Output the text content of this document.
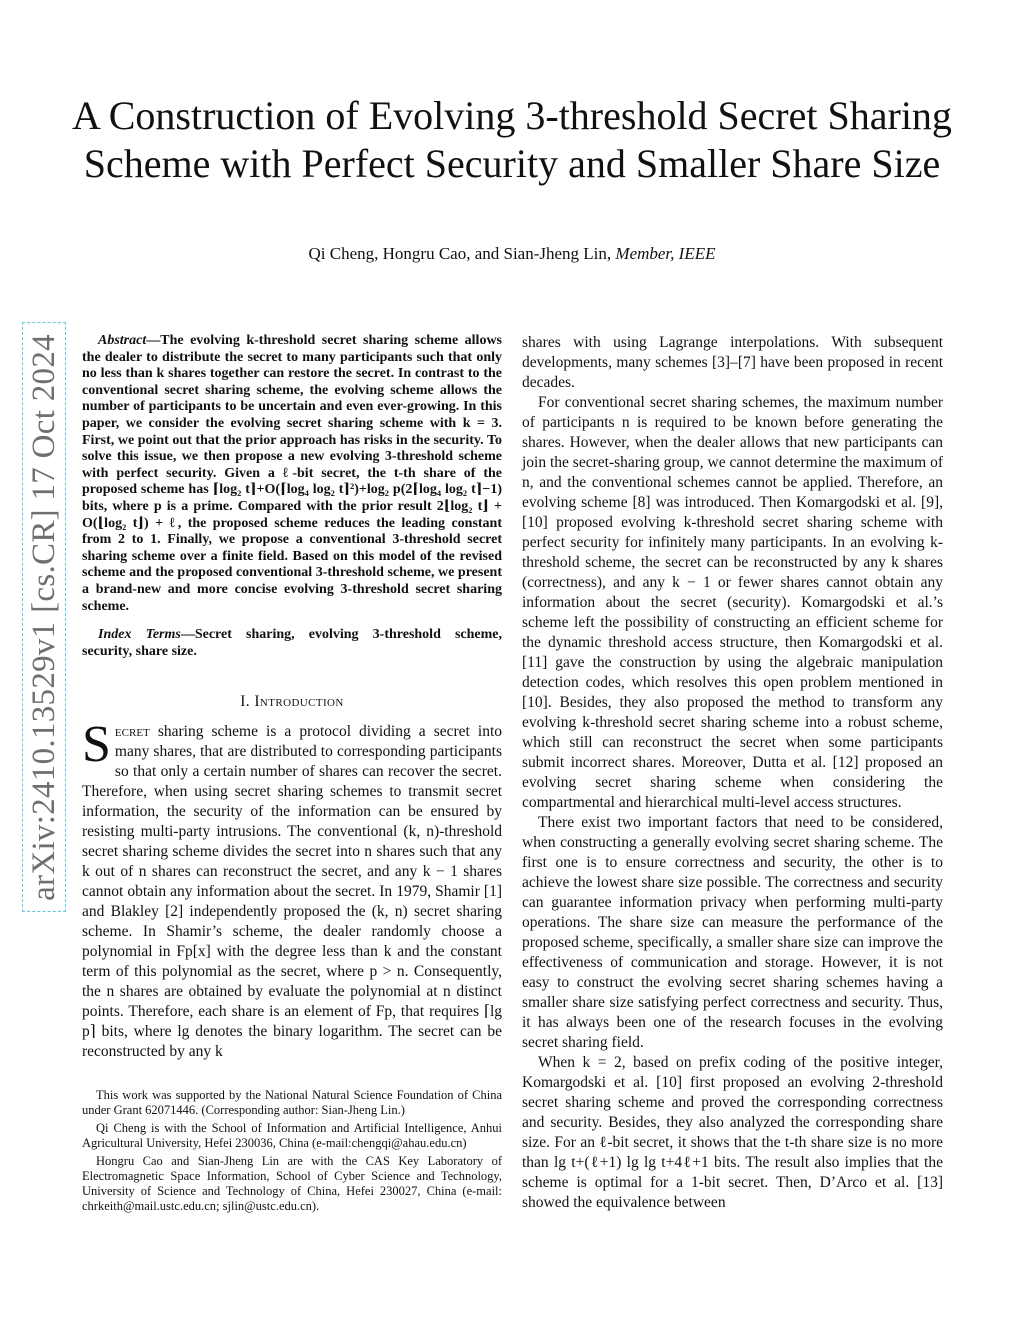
A Construction of Evolving 3-threshold Secret Sharing Scheme with Perfect Security and Smaller Share Size
Qi Cheng, Hongru Cao, and Sian-Jheng Lin, Member, IEEE
arXiv:2410.13529v1 [cs.CR] 17 Oct 2024	Abstract—The evolving k-threshold secret sharing scheme allows the dealer to distribute the secret to many participants such that only no less than k shares together can restore the secret. In contrast to the conventional secret sharing scheme, the evolving scheme allows the number of participants to be uncertain and even ever-growing. In this paper, we consider the evolving secret sharing scheme with k = 3. First, we point out that the prior approach has risks in the security. To solve this issue, we then propose a new evolving 3-threshold scheme with perfect security. Given a ℓ-bit secret, the t-th share of the proposed scheme has ⌈log₂ t⌉+O(⌈log₄ log₂ t⌉²)+log₂ p(2⌈log₄ log₂ t⌉−1) bits, where p is a prime. Compared with the prior result 2⌊log₂ t⌋ + O(⌊log₂ t⌋) + ℓ, the proposed scheme reduces the leading constant from 2 to 1. Finally, we propose a conventional 3-threshold secret sharing scheme over a finite field. Based on this model of the revised scheme and the proposed conventional 3-threshold scheme, we present a brand-new and more concise evolving 3-threshold secret sharing scheme.

Index Terms—Secret sharing, evolving 3-threshold scheme, security, share size.

I. Introduction

Secret sharing scheme is a protocol dividing a secret into many shares, that are distributed to corresponding participants so that only a certain number of shares can recover the secret. Therefore, when using secret sharing schemes to transmit secret information, the security of the information can be ensured by resisting multi-party intrusions. The conventional (k, n)-threshold secret sharing scheme divides the secret into n shares such that any k out of n shares can reconstruct the secret, and any k − 1 shares cannot obtain any information about the secret. In 1979, Shamir [1] and Blakley [2] independently proposed the (k, n) secret sharing scheme. In Shamir’s scheme, the dealer randomly choose a polynomial in Fp[x] with the degree less than k and the constant term of this polynomial as the secret, where p > n. Consequently, the n shares are obtained by evaluate the polynomial at n distinct points. Therefore, each share is an element of Fp, that requires ⌈lg p⌉ bits, where lg denotes the binary logarithm. The secret can be reconstructed by any k

This work was supported by the National Natural Science Foundation of China under Grant 62071446. (Corresponding author: Sian-Jheng Lin.)

Qi Cheng is with the School of Information and Artificial Intelligence, Anhui Agricultural University, Hefei 230036, China (e-mail:chengqi@ahau.edu.cn)

Hongru Cao and Sian-Jheng Lin are with the CAS Key Laboratory of Electromagnetic Space Information, School of Cyber Science and Technology, University of Science and Technology of China, Hefei 230027, China (e-mail: chrkeith@mail.ustc.edu.cn; sjlin@ustc.edu.cn).

shares with using Lagrange interpolations. With subsequent developments, many schemes [3]–[7] have been proposed in recent decades.

For conventional secret sharing schemes, the maximum number of participants n is required to be known before generating the shares. However, when the dealer allows that new participants can join the secret-sharing group, we cannot determine the maximum of n, and the conventional schemes cannot be applied. Therefore, an evolving scheme [8] was introduced. Then Komargodski et al. [9], [10] proposed evolving k-threshold secret sharing scheme with perfect security for infinitely many participants. In an evolving k-threshold scheme, the secret can be reconstructed by any k shares (correctness), and any k − 1 or fewer shares cannot obtain any information about the secret (security). Komargodski et al.’s scheme left the possibility of constructing an efficient scheme for the dynamic threshold access structure, then Komargodski et al. [11] gave the construction by using the algebraic manipulation detection codes, which resolves this open problem mentioned in [10]. Besides, they also proposed the method to transform any evolving k-threshold secret sharing scheme into a robust scheme, which still can reconstruct the secret when some participants submit incorrect shares. Moreover, Dutta et al. [12] proposed an evolving secret sharing scheme when considering the compartmental and hierarchical multi-level access structures.

There exist two important factors that need to be considered, when constructing a generally evolving secret sharing scheme. The first one is to ensure correctness and security, the other is to achieve the lowest share size possible. The correctness and security can guarantee information privacy when performing multi-party operations. The share size can measure the performance of the proposed scheme, specifically, a smaller share size can improve the effectiveness of communication and storage. However, it is not easy to construct the evolving secret sharing schemes having a smaller share size satisfying perfect correctness and security. Thus, it has always been one of the research focuses in the evolving secret sharing field.

When k = 2, based on prefix coding of the positive integer, Komargodski et al. [10] first proposed an evolving 2-threshold secret sharing scheme and proved the corresponding correctness and security. Besides, they also analyzed the corresponding share size. For an ℓ-bit secret, it shows that the t-th share size is no more than lg t+(ℓ+1) lg lg t+4ℓ+1 bits. The result also implies that the scheme is optimal for a 1-bit secret. Then, D’Arco et al. [13] showed the equivalence between
